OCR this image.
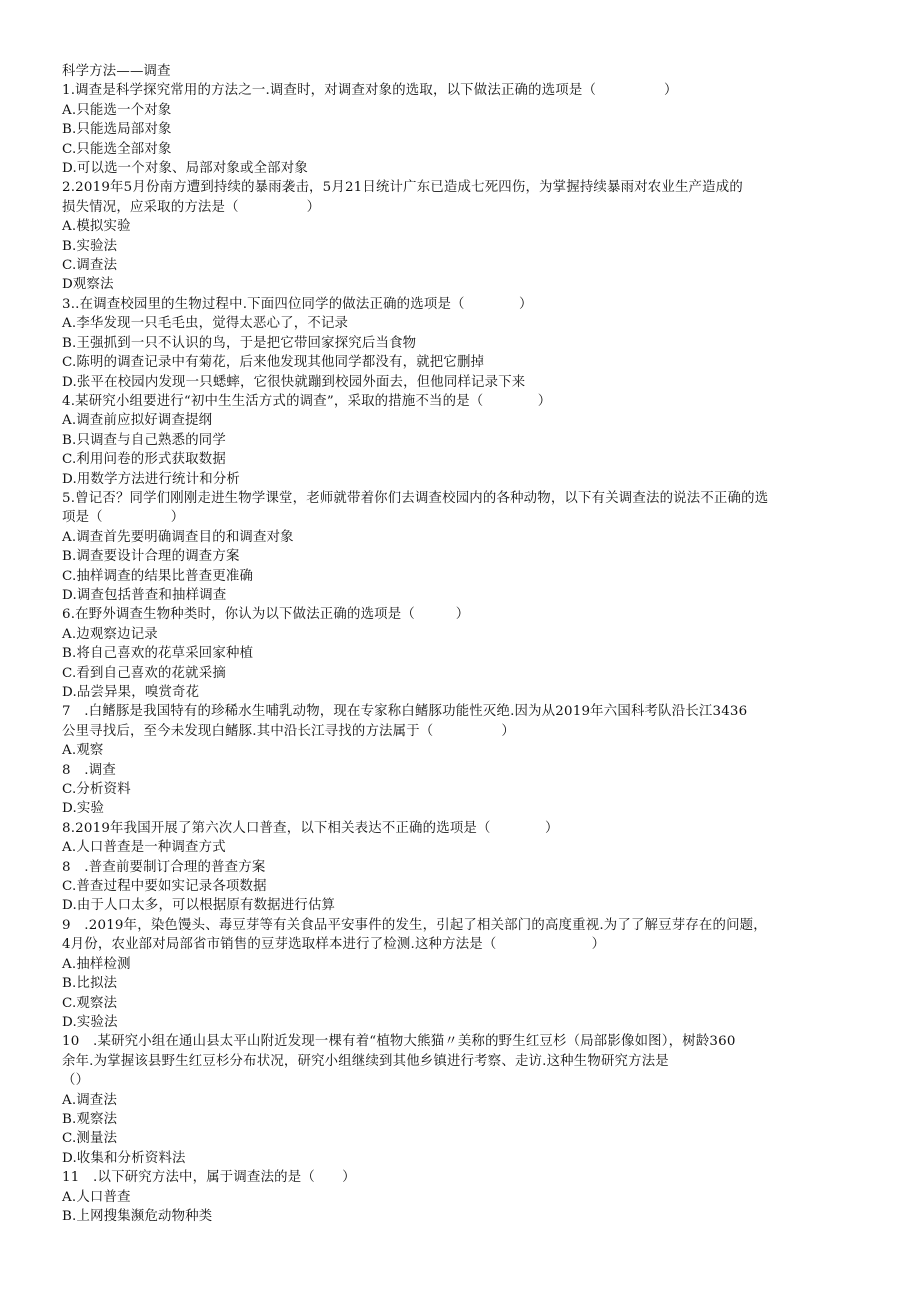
科学方法——调查
1.调查是科学探究常用的方法之一.调查时，对调查对象的选取，以下做法正确的选项是（　　　　　）
A.只能选一个对象
B.只能选局部对象
C.只能选全部对象
D.可以选一个对象、局部对象或全部对象
2.2019年5月份南方遭到持续的暴雨袭击，5月21日统计广东已造成七死四伤，为掌握持续暴雨对农业生产造成的
损失情况，应采取的方法是（　　　　　）
A.模拟实验
B.实验法
C.调查法
D观察法
3..在调查校园里的生物过程中.下面四位同学的做法正确的选项是（　　　　）
A.李华发现一只毛毛虫，觉得太恶心了，不记录
B.王强抓到一只不认识的鸟，于是把它带回家探究后当食物
C.陈明的调查记录中有菊花，后来他发现其他同学都没有，就把它删掉
D.张平在校园内发现一只蟋蟀，它很快就蹦到校园外面去，但他同样记录下来
4.某研究小组要进行“初中生生活方式的调查”，采取的措施不当的是（　　　　）
A.调查前应拟好调查提纲
B.只调查与自己熟悉的同学
C.利用问卷的形式获取数据
D.用数学方法进行统计和分析
5.曾记否？同学们刚刚走进生物学课堂，老师就带着你们去调查校园内的各种动物，以下有关调查法的说法不正确的选
项是（　　　　　）
A.调查首先要明确调查目的和调查对象
B.调查要设计合理的调查方案
C.抽样调查的结果比普查更准确
D.调查包括普查和抽样调查
6.在野外调查生物种类时，你认为以下做法正确的选项是（　　　）
A.边观察边记录
B.将自己喜欢的花草采回家种植
C.看到自己喜欢的花就采摘
D.品尝异果，嗅赏奇花
7　.白鳍豚是我国特有的珍稀水生哺乳动物，现在专家称白鳍豚功能性灭绝.因为从2019年六国科考队沿长江3436
公里寻找后，至今未发现白鳍豚.其中沿长江寻找的方法属于（　　　　　）
A.观察
8　.调查
C.分析资料
D.实验
8.2019年我国开展了第六次人口普查，以下相关表达不正确的选项是（　　　　）
A.人口普查是一种调查方式
8　.普查前要制订合理的普查方案
C.普查过程中要如实记录各项数据
D.由于人口太多，可以根据原有数据进行估算
9　.2019年，染色馒头、毒豆芽等有关食品平安事件的发生，引起了相关部门的高度重视.为了了解豆芽存在的问题，
4月份，农业部对局部省市销售的豆芽选取样本进行了检测.这种方法是（　　　　　　　）
A.抽样检测
B.比拟法
C.观察法
D.实验法
10　.某研究小组在通山县太平山附近发现一棵有着“植物大熊猫〃美称的野生红豆杉（局部影像如图），树龄360
余年.为掌握该县野生红豆杉分布状况，研究小组继续到其他乡镇进行考察、走访.这种生物研究方法是
（）
A.调查法
B.观察法
C.测量法
D.收集和分析资料法
11　.以下研究方法中，属于调查法的是（　　）
A.人口普查
B.上网搜集濒危动物种类
